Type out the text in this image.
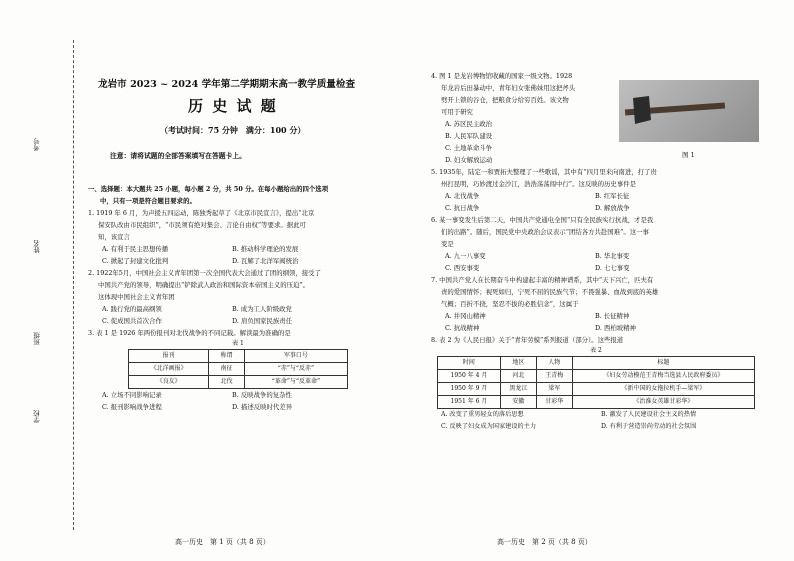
考号
姓名
班级
学校
龙岩市 2023 ~ 2024 学年第二学期期末高一教学质量检查
历 史 试 题
（考试时间：75 分钟　满分：100 分）
注意：请将试题的全部答案填写在答题卡上。
一、选择题：本大题共 25 小题，每小题 2 分，共 50 分。在每小题给出的四个选项
中，只有一项是符合题目要求的。
1. 1919 年 6 月，为声援五四运动，陈独秀起草了《北京市民宣言》，提出“北京
保安队改由市民组织”，“市民须有绝对集会、言论自由权”等要求。据此可
知，该宣言
A. 有利于民主思想传播	B. 推动科学理论的发展
C. 掀起了封建文化批判	D. 瓦解了北洋军阀统治
2. 1922年5月，中国社会主义青年团第一次全国代表大会通过了团的纲领，接受了
中国共产党的领导，明确提出“铲除武人政治和国际资本帝国主义的压迫”。
这体现中国社会主义青年团
A. 践行党的最高纲领	B. 成为工人阶级政党
C. 促成国共首次合作	D. 肩负国家民族责任
3. 表 1 是 1926 年两份报刊对北伐战争的不同记载。解读最为准确的是
表 1
报刊	称谓	军事口号
《北洋画报》	南征	“赤”与“反赤”
《良友》	北伐	“革命”与“反革命”
A. 立场不同影响记录	B. 反映战争的复杂性
C. 报刊影响战争进程	D. 描述反映时代差异
高一历史　第 1 页（共 8 页）
4. 图 1 是龙岩博物馆收藏的国家一级文物。1928
年龙岩后田暴动中，青年妇女张佛妹用这把斧头
劈开上锁的谷仓，把粮食分给穷百姓。该文物
可用于研究
A. 苏区民主政治
B. 人民军队建设
C. 土地革命斗争
D. 妇女解放运动
5. 1935年，陆定一和贾拓夫整理了一些歌谣，其中有“四月里来向南进，打了贵
州打昆明，巧妙渡过金沙江，浩浩荡荡闯中行”。这反映的历史事件是
A. 北伐战争	B. 红军长征
C. 抗日战争	D. 解放战争
6. 某一事变发生后第二天，中国共产党通电全国“只有全民族实行抗战，才是我
们的出路”。随后，国民党中央政治会议表示“团结各方共赴国难”。这一事
变是
A. 九一八事变	B. 华北事变
C. 西安事变	D. 七七事变
7. 中国共产党人在长期奋斗中构建起丰富的精神谱系，其中“天下兴亡，匹夫有
责的爱国情怀；视死如归，宁死不屈的民族气节；不畏强暴、血战到底的英雄
气概；百折不挠，坚忍不拔的必胜信念”，这属于
A. 井冈山精神	B. 长征精神
C. 抗战精神	D. 西柏坡精神
8. 表 2 为《人民日报》关于“青年劳模”系列报道（部分）。这些报道
表 2
时间	地区	人物	标题
1950 年 4 月	河北	王青梅	《妇女劳动模范王青梅当选县人民政府委员》
1950 年 9 月	黑龙江	梁军	《新中国的女拖拉机手—梁军》
1951 年 6 月	安徽	甘彩华	《治淮女英雄甘彩华》
A. 改变了重男轻女的落后思想	B. 激发了人民建设社会主义的热情
C. 反映了妇女成为国家建设的主力	D. 有利于营造崇尚劳动的社会氛围
图 1
高一历史　第 2 页（共 8 页）
